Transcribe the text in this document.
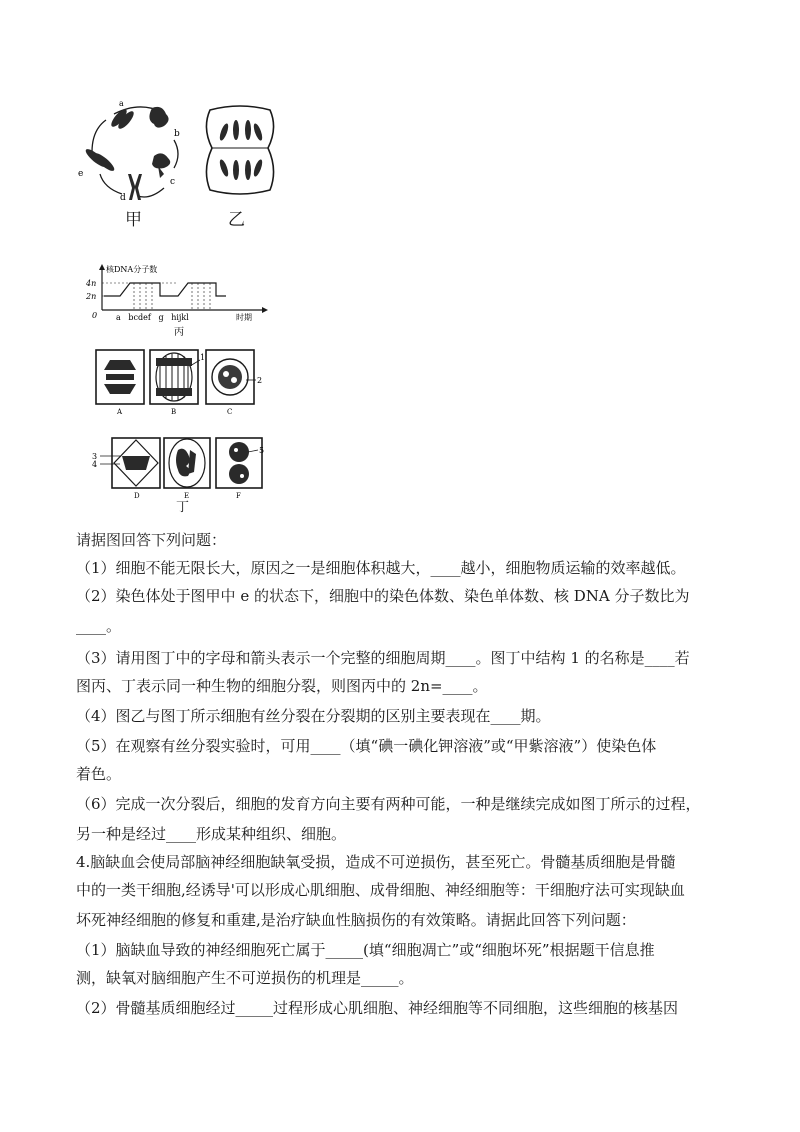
a
b
c
d
e
甲	乙
核DNA分子数
4n
2n
0 a   bcdef   g   hijkl	时期
丙
1
2
A	B	C
3
4
5
D	E	F
丁
请据图回答下列问题：
（1）细胞不能无限长大，原因之一是细胞体积越大，____越小，细胞物质运输的效率越低。
（2）染色体处于图甲中 e 的状态下，细胞中的染色体数、染色单体数、核 DNA 分子数比为
____。
（3）请用图丁中的字母和箭头表示一个完整的细胞周期____。图丁中结构 1 的名称是____若
图丙、丁表示同一种生物的细胞分裂，则图丙中的 2n=____。
（4）图乙与图丁所示细胞有丝分裂在分裂期的区别主要表现在____期。
（5）在观察有丝分裂实验时，可用____（填“碘一碘化钾溶液”或“甲紫溶液”）使染色体
着色。
（6）完成一次分裂后，细胞的发育方向主要有两种可能，一种是继续完成如图丁所示的过程，
另一种是经过____形成某种组织、细胞。
4.脑缺血会使局部脑神经细胞缺氧受损，造成不可逆损伤，甚至死亡。骨髓基质细胞是骨髓
中的一类干细胞,经诱导'可以形成心肌细胞、成骨细胞、神经细胞等：干细胞疗法可实现缺血
坏死神经细胞的修复和重建,是治疗缺血性脑损伤的有效策略。请据此回答下列问题：
（1）脑缺血导致的神经细胞死亡属于_____(填“细胞凋亡”或“细胞坏死”根据题干信息推
测，缺氧对脑细胞产生不可逆损伤的机理是_____。
（2）骨髓基质细胞经过_____过程形成心肌细胞、神经细胞等不同细胞，这些细胞的核基因
